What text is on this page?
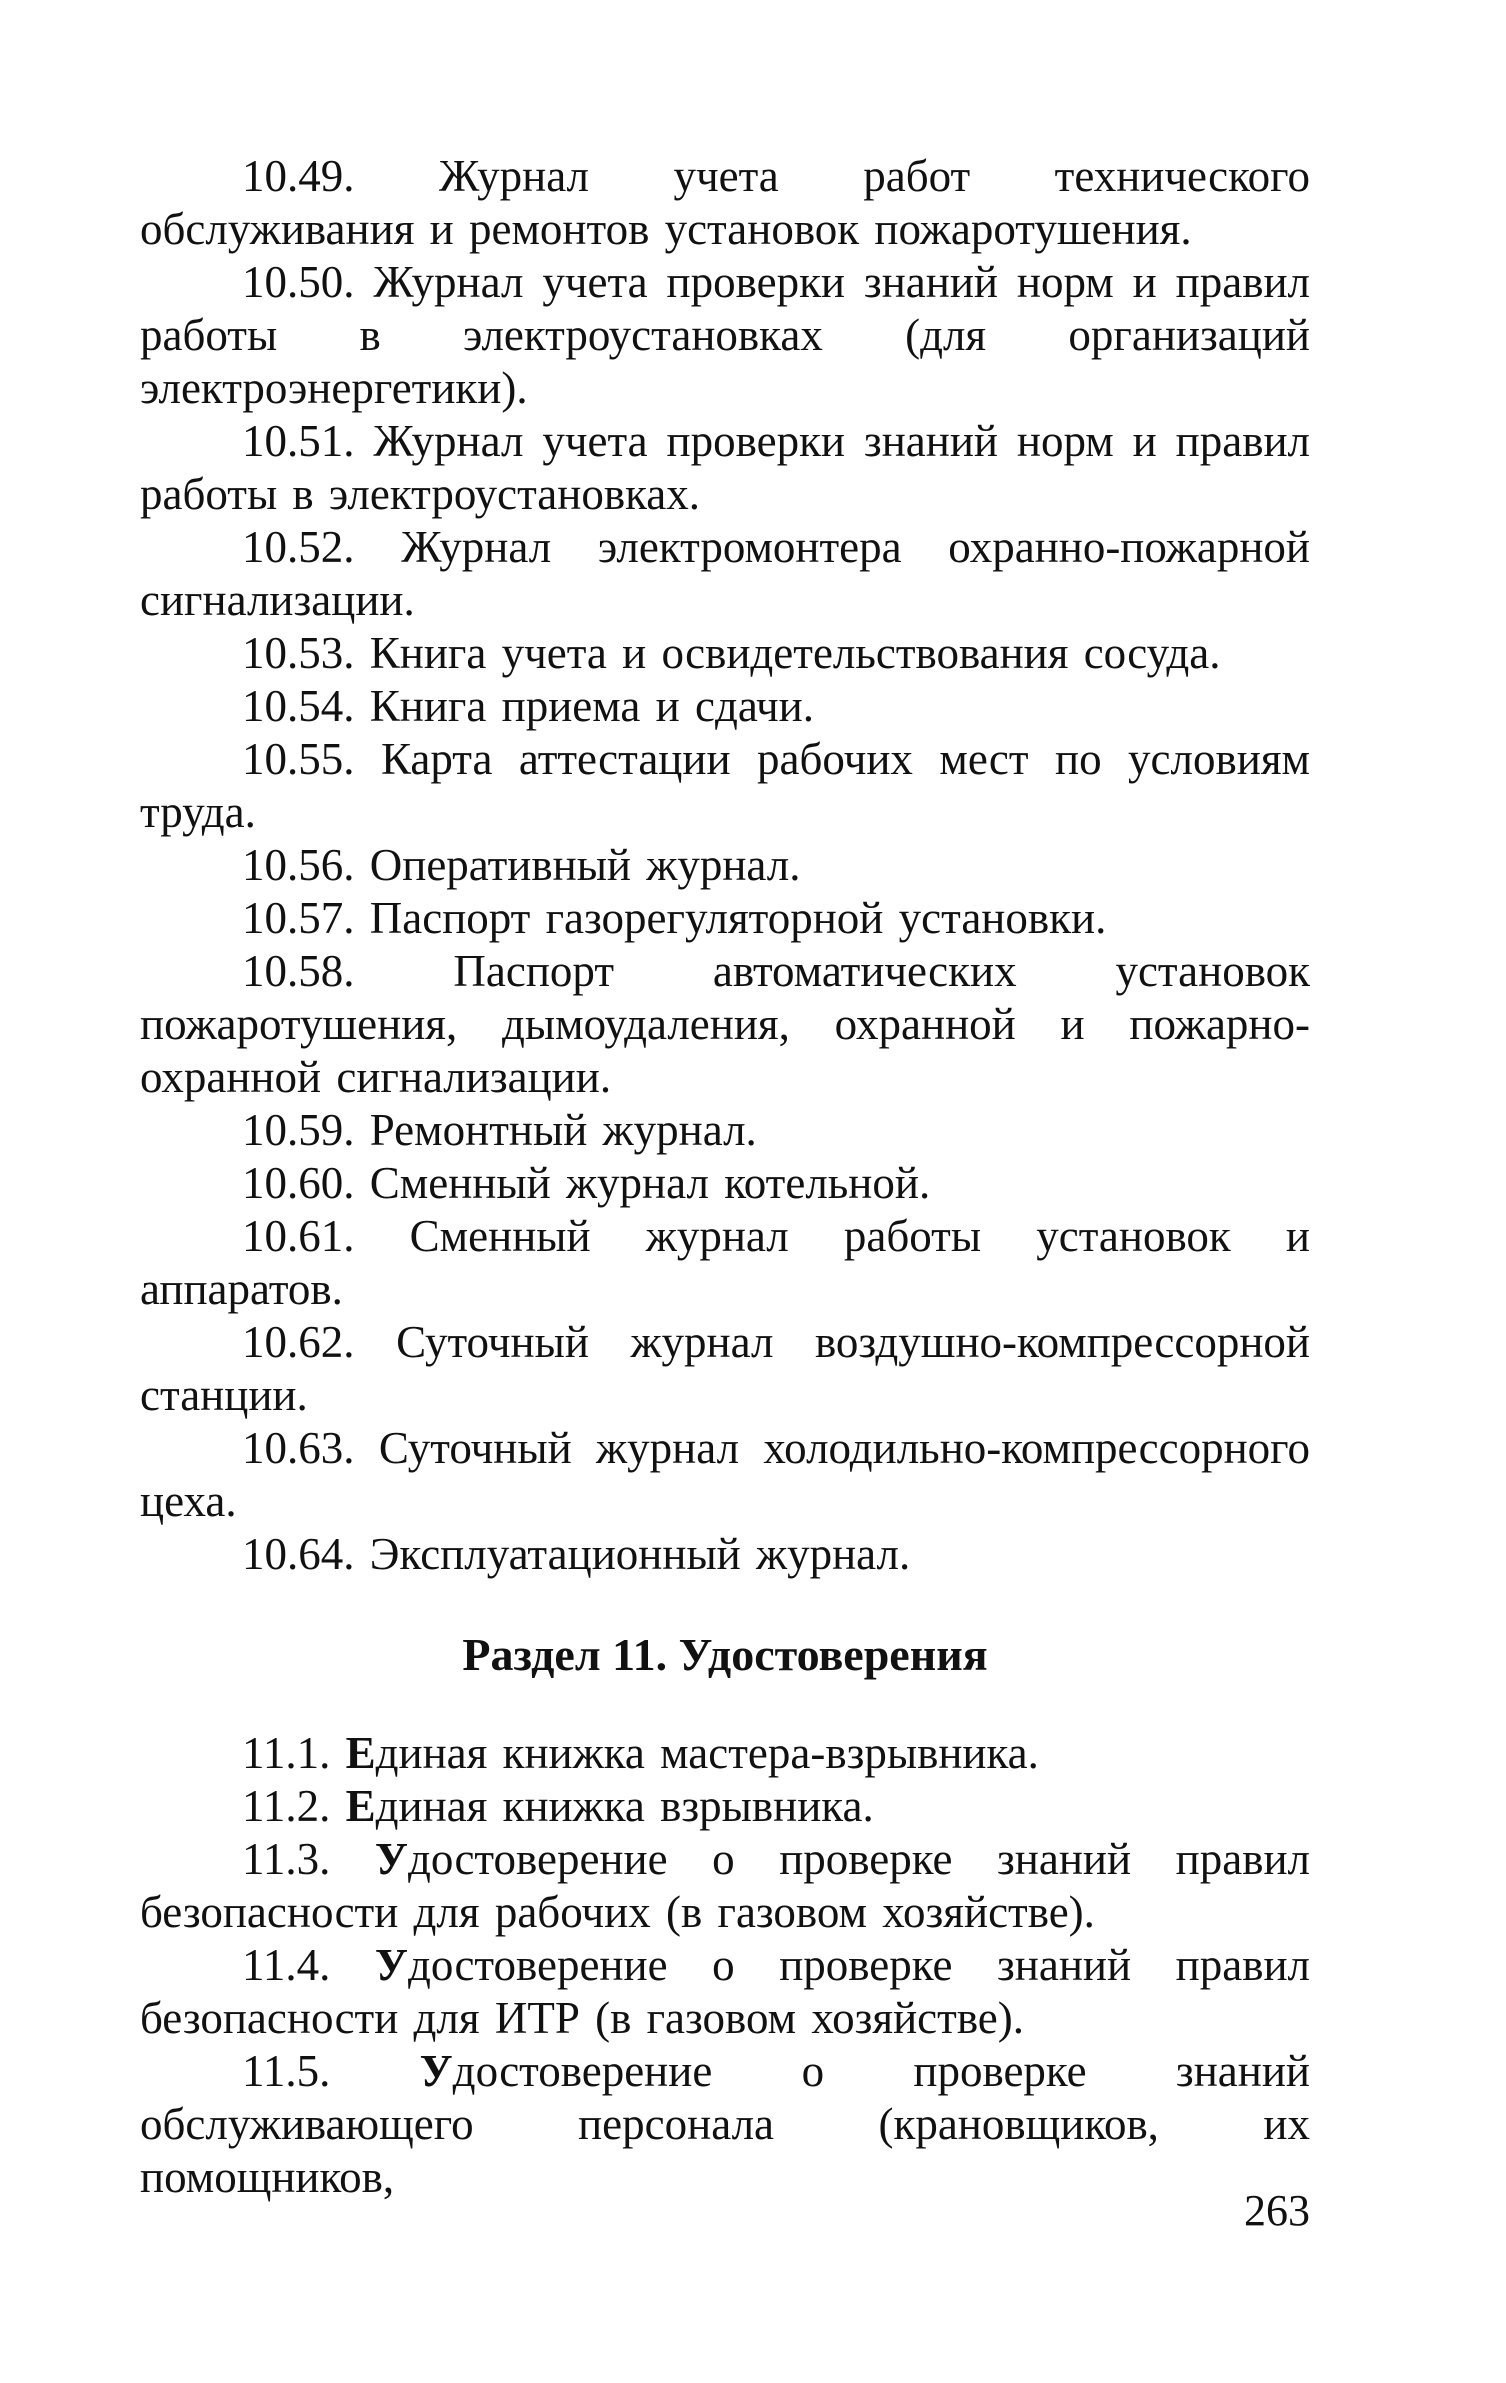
10.49. Журнал учета работ технического обслуживания и ремонтов установок пожаротушения.

10.50. Журнал учета проверки знаний норм и правил работы в электроустановках (для организаций электроэнергетики).

10.51. Журнал учета проверки знаний норм и правил работы в электроустановках.

10.52. Журнал электромонтера охранно-пожарной сигнализации.

10.53. Книга учета и освидетельствования сосуда.

10.54. Книга приема и сдачи.

10.55. Карта аттестации рабочих мест по условиям труда.

10.56. Оперативный журнал.

10.57. Паспорт газорегуляторной установки.

10.58. Паспорт автоматических установок пожаротушения, дымоудаления, охранной и пожарно-охранной сигнализации.

10.59. Ремонтный журнал.

10.60. Сменный журнал котельной.

10.61. Сменный журнал работы установок и аппаратов.

10.62. Суточный журнал воздушно-компрессорной станции.

10.63. Суточный журнал холодильно-компрессорного цеха.

10.64. Эксплуатационный журнал.

Раздел 11. Удостоверения

11.1. Единая книжка мастера-взрывника.

11.2. Единая книжка взрывника.

11.3. Удостоверение о проверке знаний правил безопасности для рабочих (в газовом хозяйстве).

11.4. Удостоверение о проверке знаний правил безопасности для ИТР (в газовом хозяйстве).

11.5. Удостоверение о проверке знаний обслуживающего персонала (крановщиков, их помощников,

263
